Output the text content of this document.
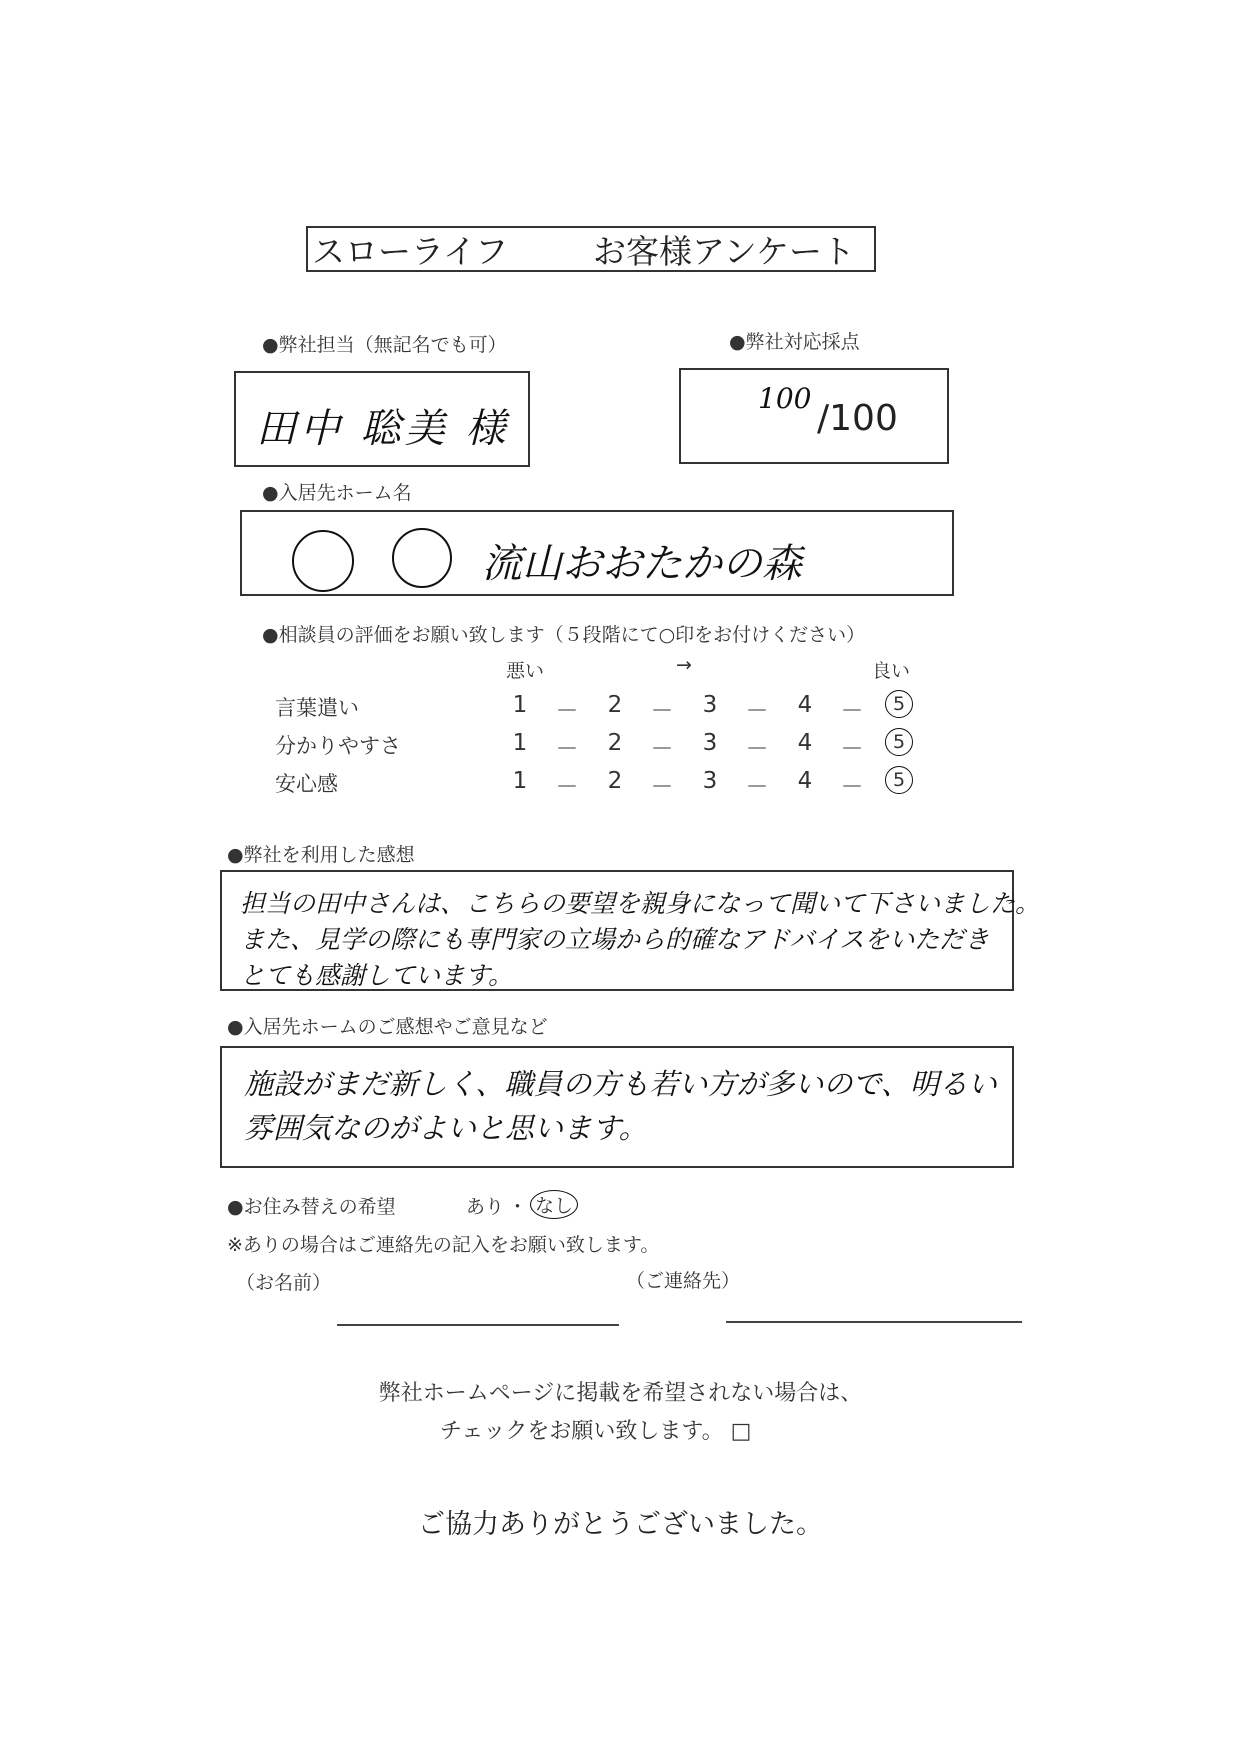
スローライフ	お客様アンケート
●弊社担当（無記名でも可）
田中 聡美 様
●弊社対応採点
100 /100
●入居先ホーム名
流山おおたかの森
●相談員の評価をお願い致します（５段階にて○印をお付けください）
悪い	→	良い
言葉遣い	1	－	2	－	3	－	4	－	5
分かりやすさ	1	－	2	－	3	－	4	－	5
安心感	1	－	2	－	3	－	4	－	5
●弊社を利用した感想
担当の田中さんは、こちらの要望を親身になって聞いて下さいました。
また、見学の際にも専門家の立場から的確なアドバイスをいただき
とても感謝しています。
●入居先ホームのご感想やご意見など
施設がまだ新しく、職員の方も若い方が多いので、明るい
雰囲気なのがよいと思います。
●お住み替えの希望	あり ・ なし
※ありの場合はご連絡先の記入をお願い致します。
（お名前）	（ご連絡先）
弊社ホームページに掲載を希望されない場合は、
チェックをお願い致します。 □
ご協力ありがとうございました。
